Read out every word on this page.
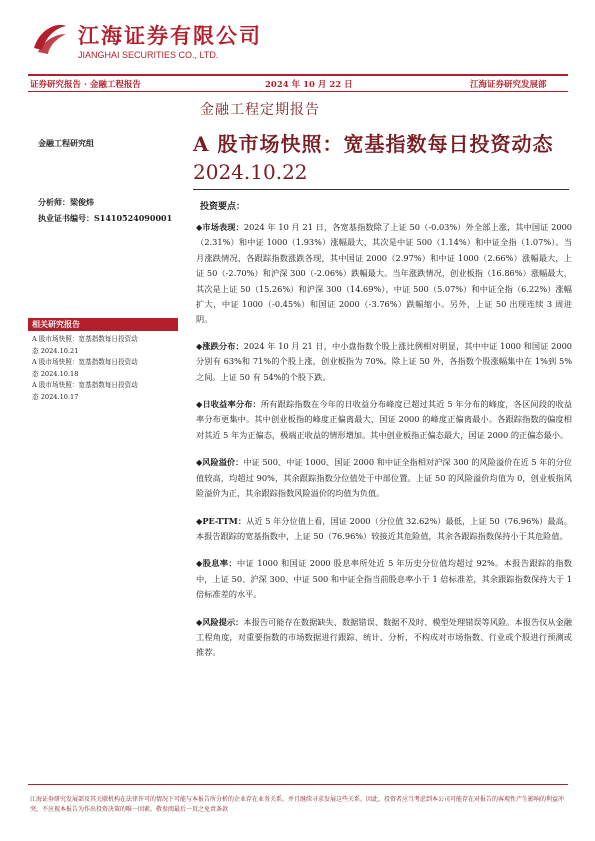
江海证券有限公司
JIANGHAI SECURITIES CO., LTD.
证券研究报告 · 金融工程报告	2024 年 10 月 22 日	江海证券研究发展部
金融工程定期报告
金融工程研究组	A 股市场快照：宽基指数每日投资动态
2024.10.22
分析师：梁俊炜
执业证书编号：S1410524090001
投资要点：
相关研究报告
A 股市场快照：宽基指数每日投资动
态 2024.10.21
A 股市场快照：宽基指数每日投资动
态 2024.10.18
A 股市场快照：宽基指数每日投资动
态 2024.10.17

◆市场表现：2024 年 10 月 21 日，各宽基指数除了上证 50（-0.03%）外全部上涨，其中国证 2000（2.31%）和中证 1000（1.93%）涨幅最大，其次是中证 500（1.14%）和中证全指（1.07%）。当月涨跌情况，各跟踪指数涨跌各现，其中国证 2000（2.97%）和中证 1000（2.66%）涨幅最大，上证 50（-2.70%）和沪深 300（-2.06%）跌幅最大。当年涨跌情况，创业板指（16.86%）涨幅最大，其次是上证 50（15.26%）和沪深 300（14.69%），中证 500（5.07%）和中证全指（6.22%）涨幅扩大，中证 1000（-0.45%）和国证 2000（-3.76%）跌幅缩小。另外，上证 50 出现连续 3 周进阴。

◆涨跌分布：2024 年 10 月 21 日，中小盘指数个股上涨比例相对明显，其中中证 1000 和国证 2000 分别有 63%和 71%的个股上涨，创业板指为 70%。除上证 50 外，各指数个股涨幅集中在 1%到 5%之间。上证 50 有 54%的个股下跌。

◆日收益率分布：所有跟踪指数在今年的日收益分布峰度已超过其近 5 年分布的峰度，各区间段的收益率分布更集中。其中创业板指的峰度正偏离最大，国证 2000 的峰度正偏离最小。各跟踪指数的偏度相对其近 5 年为正偏态，极端正收益的情形增加。其中创业板指正偏态最大，国证 2000 的正偏态最小。

◆风险溢价：中证 500、中证 1000、国证 2000 和中证全指相对沪深 300 的风险溢价在近 5 年的分位值较高，均超过 90%，其余跟踪指数分位值处于中部位置。上证 50 的风险溢价均值为 0，创业板指风险溢价为正，其余跟踪指数风险溢价的均值为负值。

◆PE-TTM：从近 5 年分位值上看，国证 2000（分位值 32.62%）最低，上证 50（76.96%）最高。本报告跟踪的宽基指数中，上证 50（76.96%）较接近其危险值，其余各跟踪指数保持小于其危险值。

◆股息率：中证 1000 和国证 2000 股息率所处近 5 年历史分位值均超过 92%。本报告跟踪的指数中，上证 50、沪深 300、中证 500 和中证全指当前股息率小于 1 倍标准差，其余跟踪指数保持大于 1 倍标准差的水平。

◆风险提示：本报告可能存在数据缺失、数据错误、数据不及时、模型处理错误等风险。本报告仅从金融工程角度，对重要指数的市场数据进行跟踪、统计、分析，不构成对市场指数、行业或个股进行预测或推荐。

江海证券研究发展部及其关联机构在法律许可的情况下可能与本报告所分析的企业存在业务关系，并且继续寻求发展这些关系。因此，投资者应当考虑到本公司可能存在对报告的客观性产生影响的利益冲突，不应视本报告为作出投资决策的唯一因素。敬参阅最后一页之免责条款
